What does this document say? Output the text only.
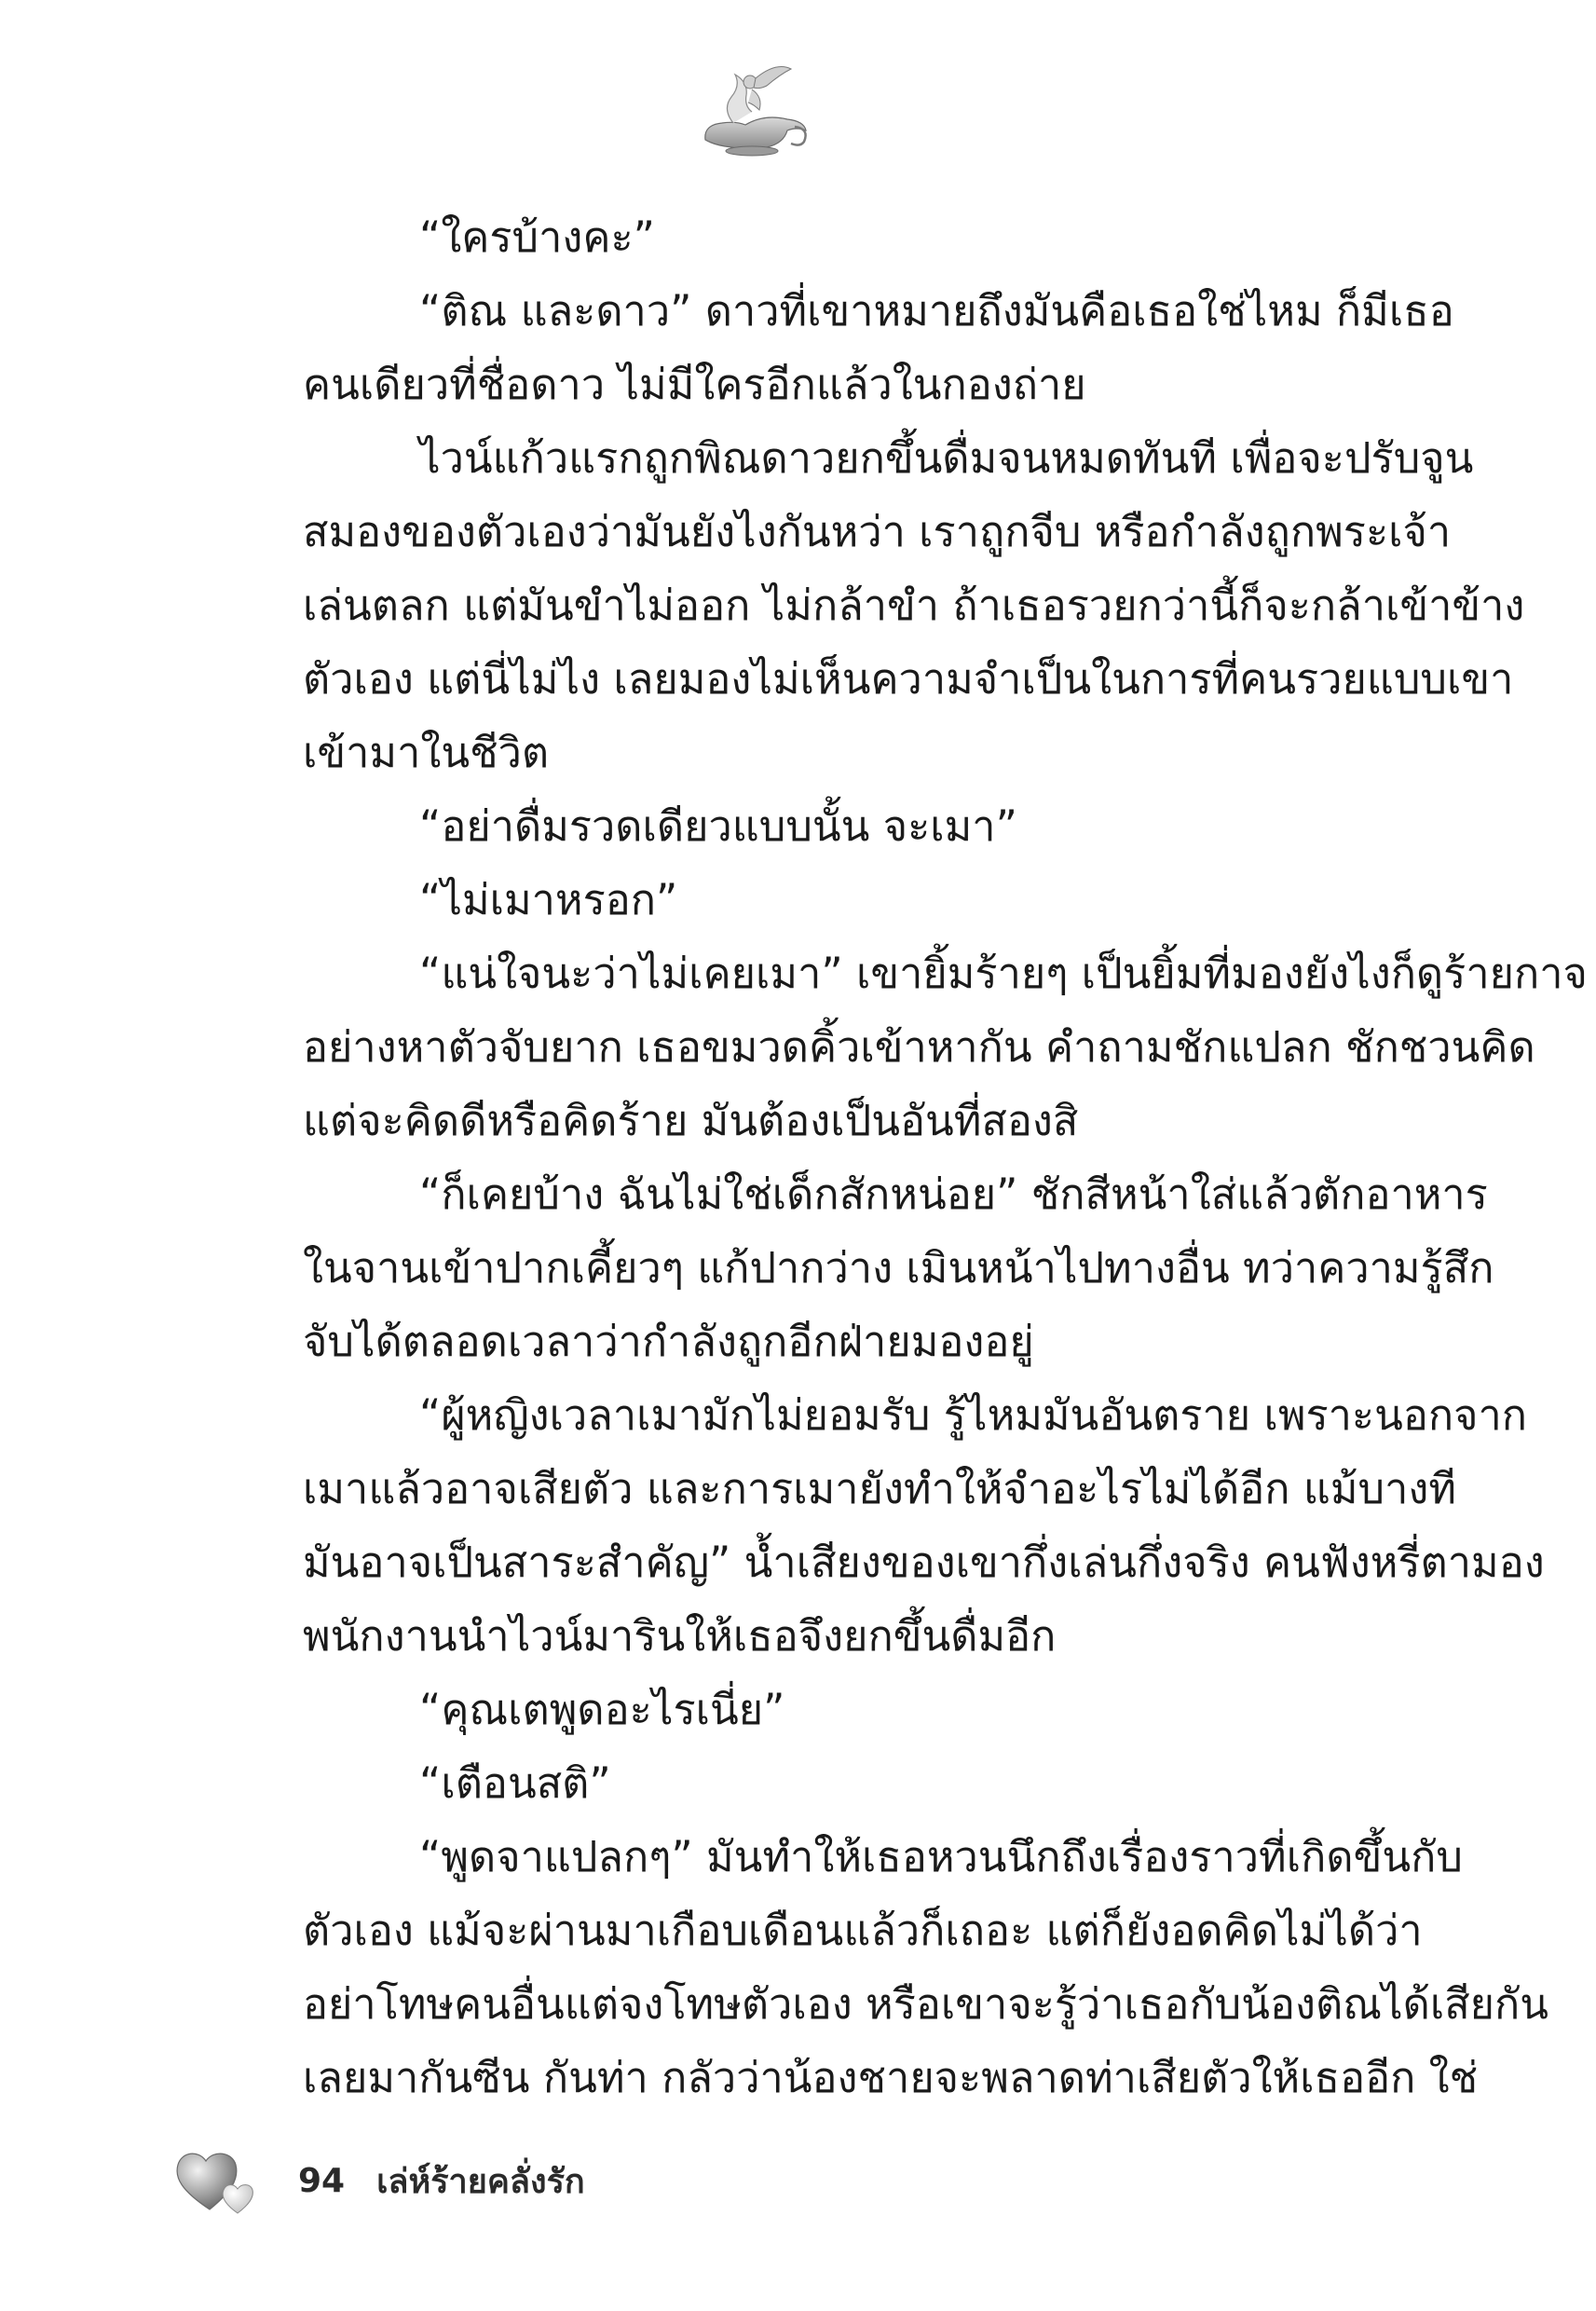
“ใครบ้างคะ”

“ติณ และดาว” ดาวที่เขาหมายถึงมันคือเธอใช่ไหม ก็มีเธอ
คนเดียวที่ชื่อดาว ไม่มีใครอีกแล้วในกองถ่าย

ไวน์แก้วแรกถูกพิณดาวยกขึ้นดื่มจนหมดทันที เพื่อจะปรับจูน
สมองของตัวเองว่ามันยังไงกันหว่า เราถูกจีบ หรือกำลังถูกพระเจ้า
เล่นตลก แต่มันขำไม่ออก ไม่กล้าขำ ถ้าเธอรวยกว่านี้ก็จะกล้าเข้าข้าง
ตัวเอง แต่นี่ไม่ไง เลยมองไม่เห็นความจำเป็นในการที่คนรวยแบบเขา
เข้ามาในชีวิต

“อย่าดื่มรวดเดียวแบบนั้น จะเมา”

“ไม่เมาหรอก”

“แน่ใจนะว่าไม่เคยเมา” เขายิ้มร้ายๆ เป็นยิ้มที่มองยังไงก็ดูร้ายกาจ
อย่างหาตัวจับยาก เธอขมวดคิ้วเข้าหากัน คำถามชักแปลก ชักชวนคิด
แต่จะคิดดีหรือคิดร้าย มันต้องเป็นอันที่สองสิ

“ก็เคยบ้าง ฉันไม่ใช่เด็กสักหน่อย” ชักสีหน้าใส่แล้วตักอาหาร
ในจานเข้าปากเคี้ยวๆ แก้ปากว่าง เมินหน้าไปทางอื่น ทว่าความรู้สึก
จับได้ตลอดเวลาว่ากำลังถูกอีกฝ่ายมองอยู่

“ผู้หญิงเวลาเมามักไม่ยอมรับ รู้ไหมมันอันตราย เพราะนอกจาก
เมาแล้วอาจเสียตัว และการเมายังทำให้จำอะไรไม่ได้อีก แม้บางที
มันอาจเป็นสาระสำคัญ” น้ำเสียงของเขากึ่งเล่นกึ่งจริง คนฟังหรี่ตามอง
พนักงานนำไวน์มารินให้เธอจึงยกขึ้นดื่มอีก

“คุณเตพูดอะไรเนี่ย”

“เตือนสติ”

“พูดจาแปลกๆ” มันทำให้เธอหวนนึกถึงเรื่องราวที่เกิดขึ้นกับ
ตัวเอง แม้จะผ่านมาเกือบเดือนแล้วก็เถอะ แต่ก็ยังอดคิดไม่ได้ว่า
อย่าโทษคนอื่นแต่จงโทษตัวเอง หรือเขาจะรู้ว่าเธอกับน้องติณได้เสียกัน
เลยมากันซีน กันท่า กลัวว่าน้องชายจะพลาดท่าเสียตัวให้เธออีก ใช่

94 เล่ห์ร้ายคลั่งรัก
